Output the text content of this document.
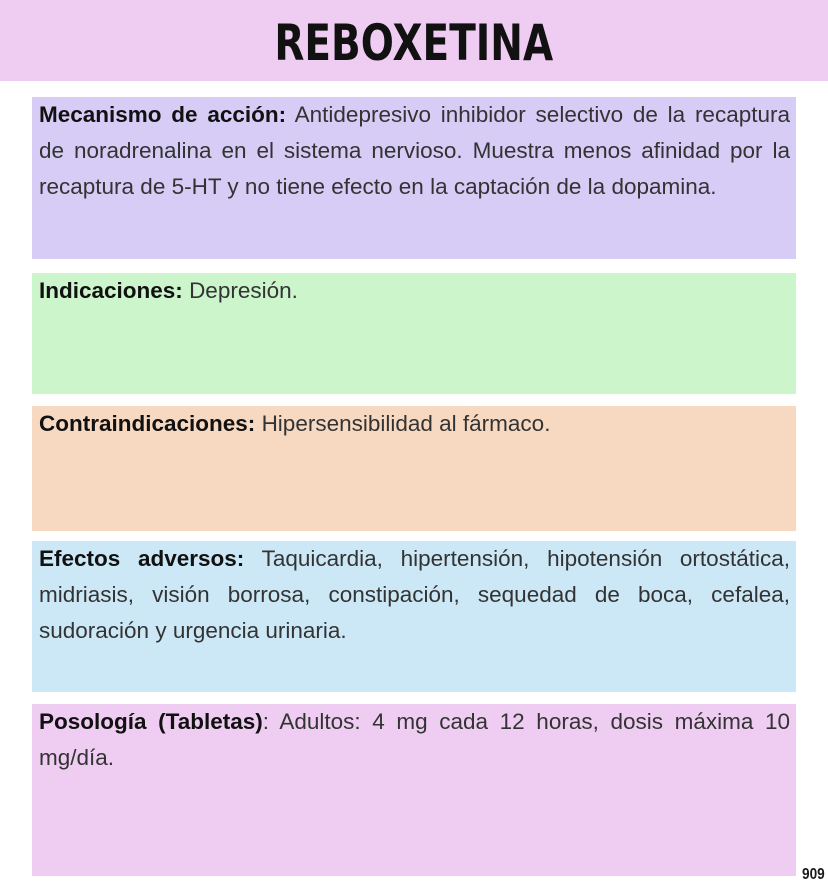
REBOXETINA
Mecanismo de acción: Antidepresivo inhibidor selectivo de la recaptura de noradrenalina en el sistema nervioso. Muestra menos afinidad por la recaptura de 5-HT y no tiene efecto en la captación de la dopamina.
Indicaciones: Depresión.
Contraindicaciones: Hipersensibilidad al fármaco.
Efectos adversos: Taquicardia, hipertensión, hipotensión ortostática, midriasis, visión borrosa, constipación, sequedad de boca, cefalea, sudoración y urgencia urinaria.
Posología (Tabletas): Adultos: 4 mg cada 12 horas, dosis máxima 10 mg/día.
909
